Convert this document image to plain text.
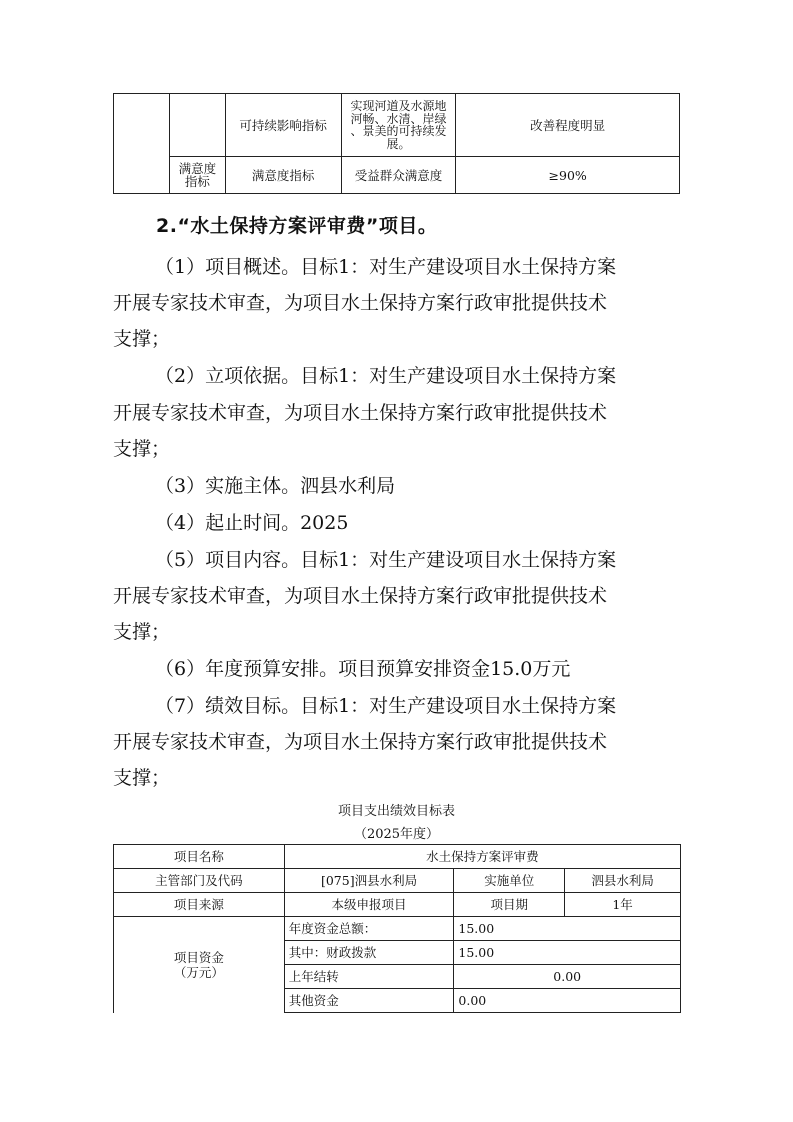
		可持续影响指标	实现河道及水源地
河畅、水清、岸绿
、景美的可持续发
展。	改善程度明显

	满意度
指标	满意度指标	受益群众满意度	≥90%
2.“水土保持方案评审费”项目。
（1）项目概述。目标1：对生产建设项目水土保持方案
开展专家技术审查，为项目水土保持方案行政审批提供技术
支撑；
（2）立项依据。目标1：对生产建设项目水土保持方案
开展专家技术审查，为项目水土保持方案行政审批提供技术
支撑；
（3）实施主体。泗县水利局
（4）起止时间。2025
（5）项目内容。目标1：对生产建设项目水土保持方案
开展专家技术审查，为项目水土保持方案行政审批提供技术
支撑；
（6）年度预算安排。项目预算安排资金15.0万元
（7）绩效目标。目标1：对生产建设项目水土保持方案
开展专家技术审查，为项目水土保持方案行政审批提供技术
支撑；
项目支出绩效目标表
（2025年度）
项目名称	水土保持方案评审费		
主管部门及代码	[075]泗县水利局	实施单位	泗县水利局
项目来源	本级申报项目	项目期	1年

项目资金
（万元）	年度资金总额：	15.00	
	其中：财政拨款	15.00	
	上年结转	0.00	
	其他资金	0.00	
